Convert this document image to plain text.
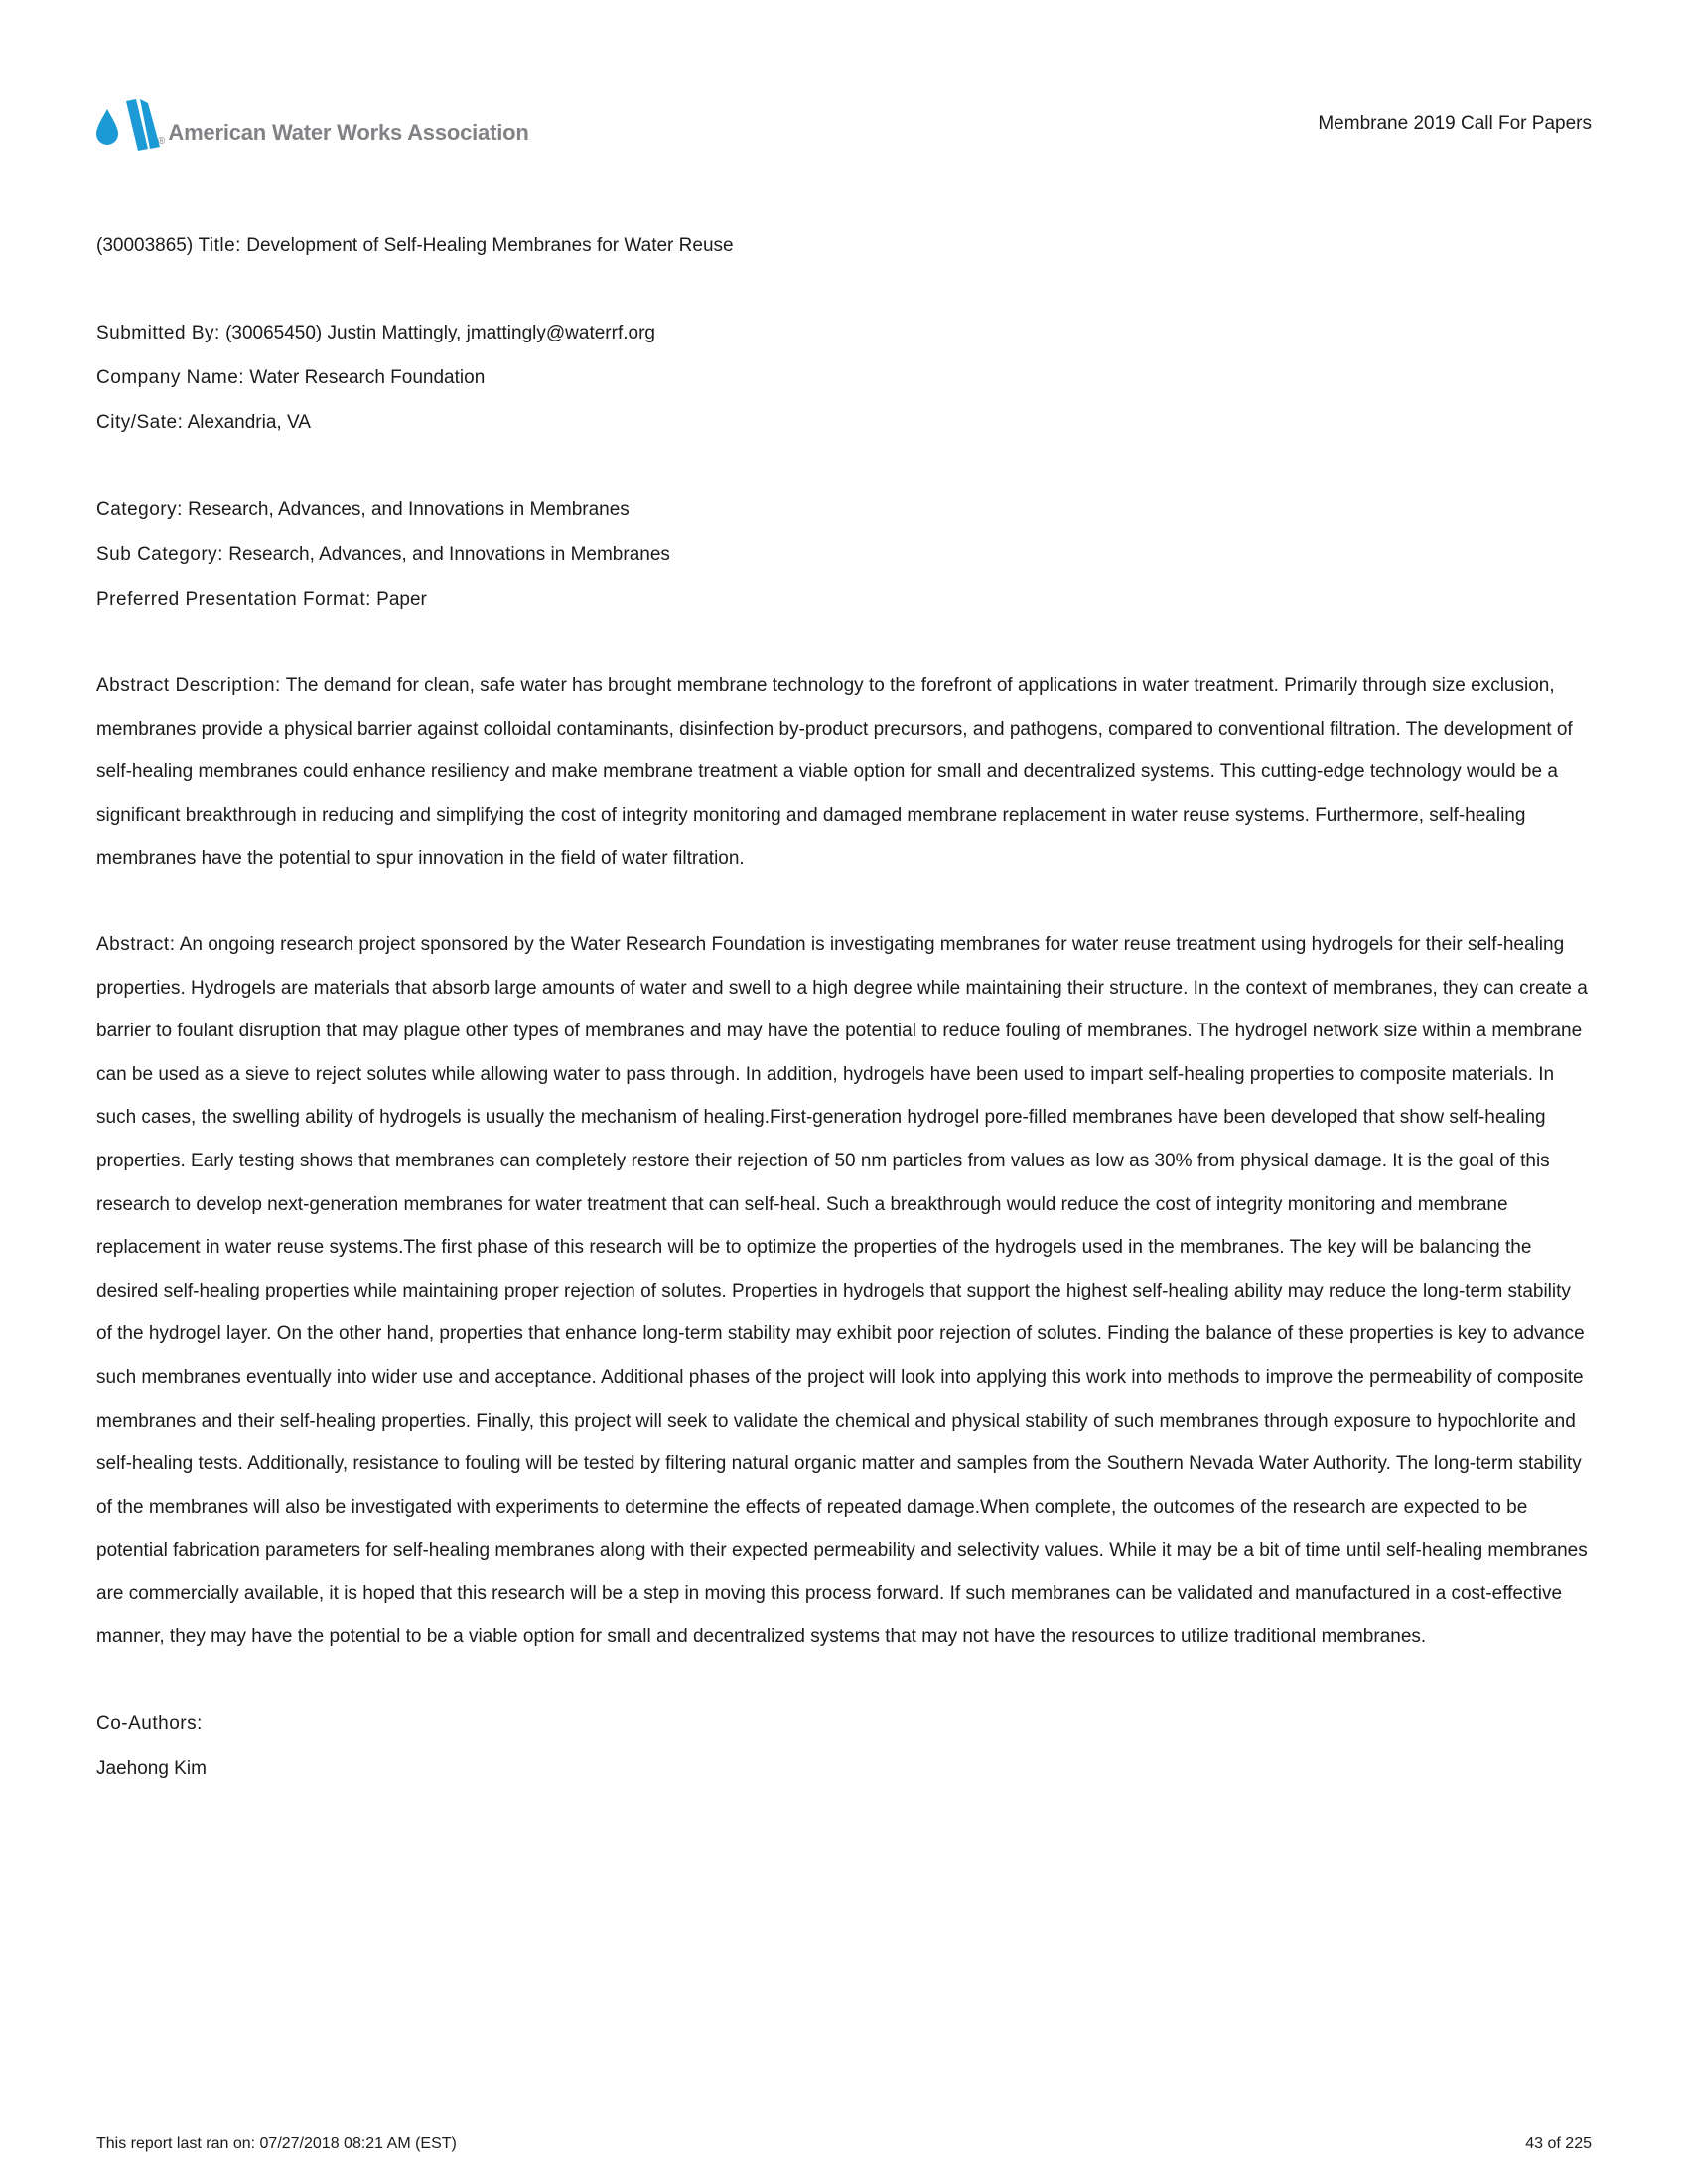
® American Water Works Association	Membrane 2019 Call For Papers
(30003865) Title: Development of Self-Healing Membranes for Water Reuse
Submitted By: (30065450) Justin Mattingly, jmattingly@waterrf.org
Company Name: Water Research Foundation
City/Sate: Alexandria, VA
Category: Research, Advances, and Innovations in Membranes
Sub Category: Research, Advances, and Innovations in Membranes
Preferred Presentation Format: Paper
Abstract Description: The demand for clean, safe water has brought membrane technology to the forefront of applications in water treatment. Primarily through size exclusion, membranes provide a physical barrier against colloidal contaminants, disinfection by-product precursors, and pathogens, compared to conventional filtration. The development of self-healing membranes could enhance resiliency and make membrane treatment a viable option for small and decentralized systems. This cutting-edge technology would be a significant breakthrough in reducing and simplifying the cost of integrity monitoring and damaged membrane replacement in water reuse systems. Furthermore, self-healing membranes have the potential to spur innovation in the field of water filtration.
Abstract: An ongoing research project sponsored by the Water Research Foundation is investigating membranes for water reuse treatment using hydrogels for their self-healing properties. Hydrogels are materials that absorb large amounts of water and swell to a high degree while maintaining their structure. In the context of membranes, they can create a barrier to foulant disruption that may plague other types of membranes and may have the potential to reduce fouling of membranes. The hydrogel network size within a membrane can be used as a sieve to reject solutes while allowing water to pass through. In addition, hydrogels have been used to impart self-healing properties to composite materials. In such cases, the swelling ability of hydrogels is usually the mechanism of healing.First-generation hydrogel pore-filled membranes have been developed that show self-healing properties. Early testing shows that membranes can completely restore their rejection of 50 nm particles from values as low as 30% from physical damage. It is the goal of this research to develop next-generation membranes for water treatment that can self-heal. Such a breakthrough would reduce the cost of integrity monitoring and membrane replacement in water reuse systems.The first phase of this research will be to optimize the properties of the hydrogels used in the membranes. The key will be balancing the desired self-healing properties while maintaining proper rejection of solutes. Properties in hydrogels that support the highest self-healing ability may reduce the long-term stability of the hydrogel layer. On the other hand, properties that enhance long-term stability may exhibit poor rejection of solutes. Finding the balance of these properties is key to advance such membranes eventually into wider use and acceptance. Additional phases of the project will look into applying this work into methods to improve the permeability of composite membranes and their self-healing properties. Finally, this project will seek to validate the chemical and physical stability of such membranes through exposure to hypochlorite and self-healing tests. Additionally, resistance to fouling will be tested by filtering natural organic matter and samples from the Southern Nevada Water Authority. The long-term stability of the membranes will also be investigated with experiments to determine the effects of repeated damage.When complete, the outcomes of the research are expected to be potential fabrication parameters for self-healing membranes along with their expected permeability and selectivity values. While it may be a bit of time until self-healing membranes are commercially available, it is hoped that this research will be a step in moving this process forward. If such membranes can be validated and manufactured in a cost-effective manner, they may have the potential to be a viable option for small and decentralized systems that may not have the resources to utilize traditional membranes.
Co-Authors:
Jaehong Kim
This report last ran on: 07/27/2018 08:21 AM (EST)	43 of 225
